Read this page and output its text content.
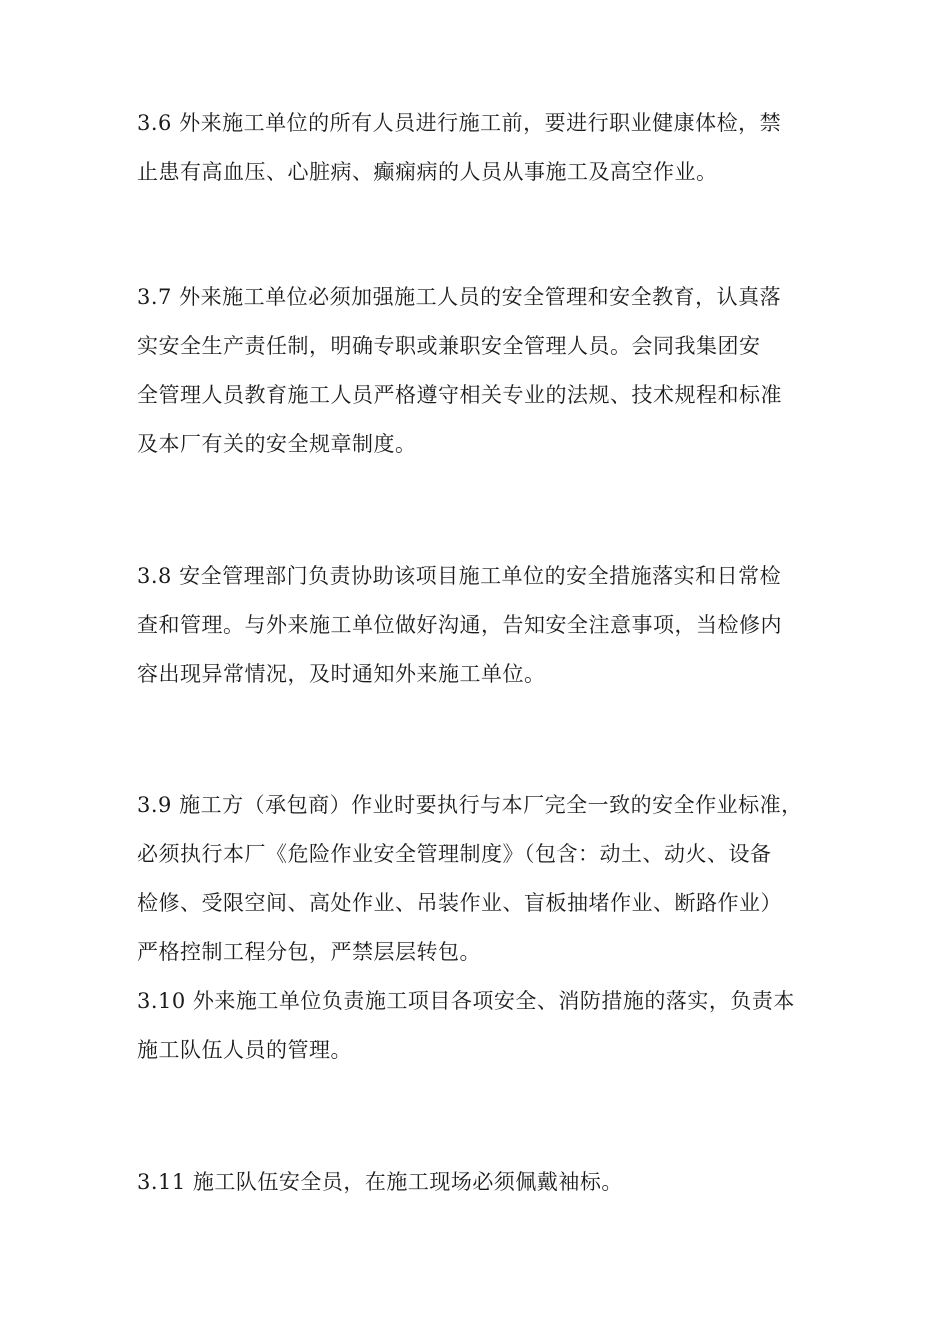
3.6 外来施工单位的所有人员进行施工前，要进行职业健康体检，禁
止患有高血压、心脏病、癫痫病的人员从事施工及高空作业。
3.7 外来施工单位必须加强施工人员的安全管理和安全教育，认真落
实安全生产责任制，明确专职或兼职安全管理人员。会同我集团安
全管理人员教育施工人员严格遵守相关专业的法规、技术规程和标准
及本厂有关的安全规章制度。
3.8 安全管理部门负责协助该项目施工单位的安全措施落实和日常检
查和管理。与外来施工单位做好沟通，告知安全注意事项，当检修内
容出现异常情况，及时通知外来施工单位。
3.9 施工方（承包商）作业时要执行与本厂完全一致的安全作业标准，
必须执行本厂《危险作业安全管理制度》（包含：动土、动火、设备
检修、受限空间、高处作业、吊装作业、盲板抽堵作业、断路作业）
严格控制工程分包，严禁层层转包。
3.10 外来施工单位负责施工项目各项安全、消防措施的落实，负责本
施工队伍人员的管理。
3.11 施工队伍安全员，在施工现场必须佩戴袖标。
